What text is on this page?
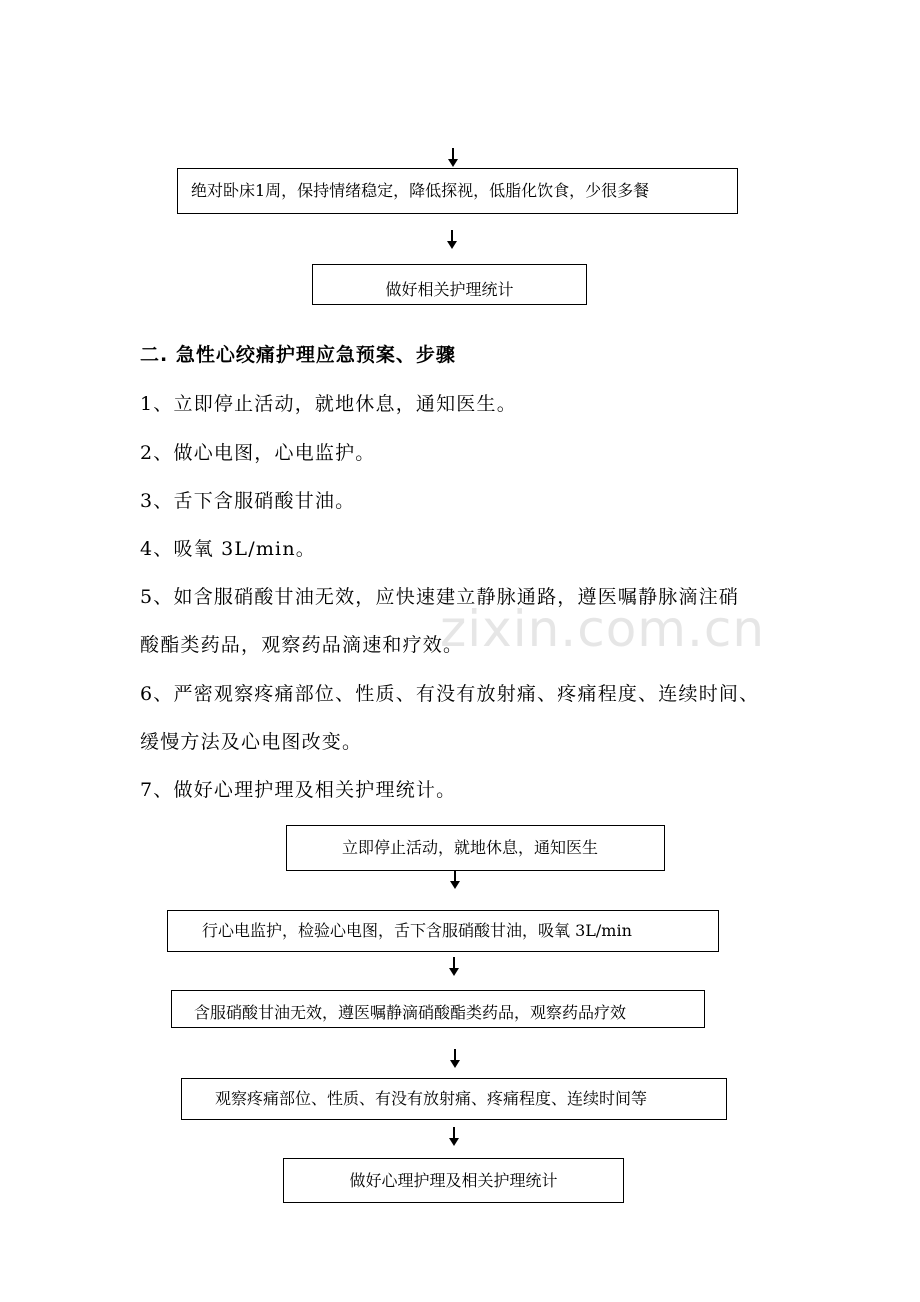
绝对卧床1周，保持情绪稳定，降低探视，低脂化饮食，少很多餐
做好相关护理统计
二. 急性心绞痛护理应急预案、步骤
1、立即停止活动，就地休息，通知医生。
2、做心电图，心电监护。
3、舌下含服硝酸甘油。
4、吸氧 3L/min。
5、如含服硝酸甘油无效，应快速建立静脉通路，遵医嘱静脉滴注硝
酸酯类药品，观察药品滴速和疗效。
6、严密观察疼痛部位、性质、有没有放射痛、疼痛程度、连续时间、
缓慢方法及心电图改变。
7、做好心理护理及相关护理统计。
zixin.com.cn
立即停止活动，就地休息，通知医生
行心电监护，检验心电图，舌下含服硝酸甘油，吸氧 3L/min
含服硝酸甘油无效，遵医嘱静滴硝酸酯类药品，观察药品疗效
观察疼痛部位、性质、有没有放射痛、疼痛程度、连续时间等
做好心理护理及相关护理统计
